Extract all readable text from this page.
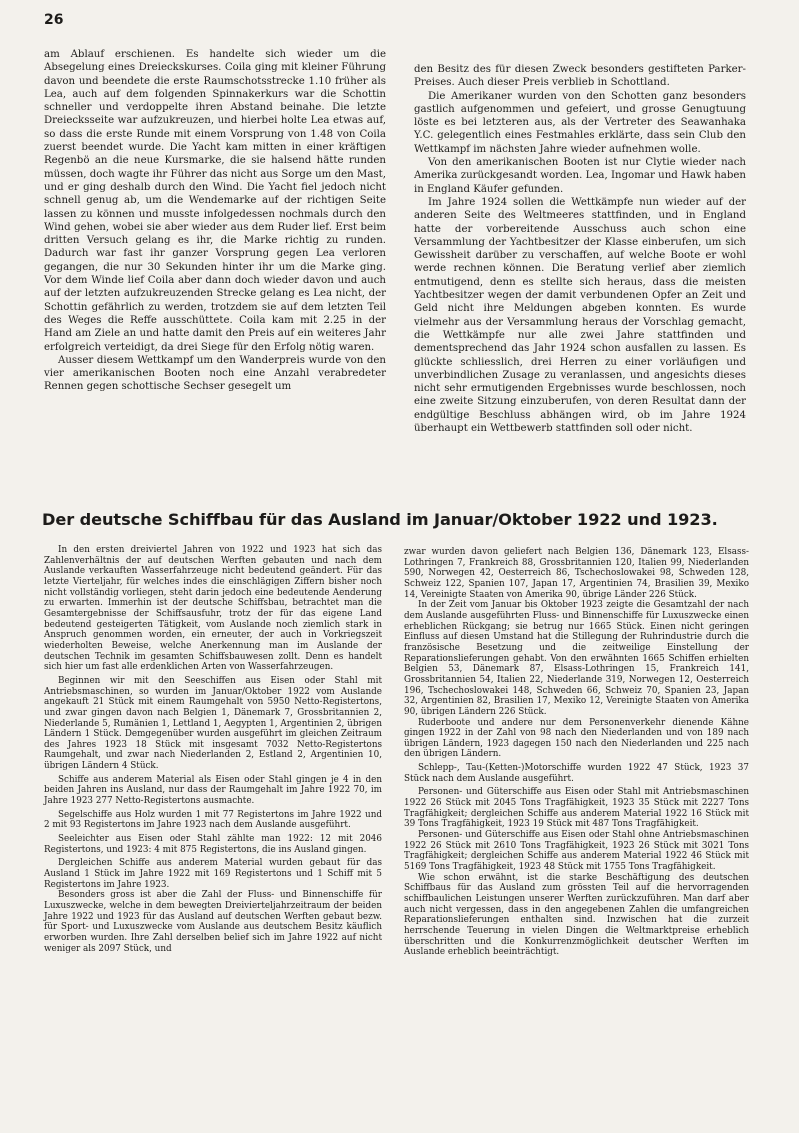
26

am Ablauf erschienen. Es handelte sich wieder um die Absegelung eines Dreieckskurses. Coila ging mit kleiner Führung davon und beendete die erste Raumschotsstrecke 1.10 früher als Lea, auch auf dem folgenden Spinnakerkurs war die Schottin schneller und verdoppelte ihren Abstand beinahe. Die letzte Dreiecksseite war aufzukreuzen, und hierbei holte Lea etwas auf, so dass die erste Runde mit einem Vorsprung von 1.48 von Coila zuerst beendet wurde. Die Yacht kam mitten in einer kräftigen Regenbö an die neue Kursmarke, die sie halsend hätte runden müssen, doch wagte ihr Führer das nicht aus Sorge um den Mast, und er ging deshalb durch den Wind. Die Yacht fiel jedoch nicht schnell genug ab, um die Wendemarke auf der richtigen Seite lassen zu können und musste infolgedessen nochmals durch den Wind gehen, wobei sie aber wieder aus dem Ruder lief. Erst beim dritten Versuch gelang es ihr, die Marke richtig zu runden. Dadurch war fast ihr ganzer Vorsprung gegen Lea verloren gegangen, die nur 30 Sekunden hinter ihr um die Marke ging. Vor dem Winde lief Coila aber dann doch wieder davon und auch auf der letzten aufzukreuzenden Strecke gelang es Lea nicht, der Schottin gefährlich zu werden, trotzdem sie auf dem letzten Teil des Weges die Reffe ausschüttete. Coila kam mit 2.25 in der Hand am Ziele an und hatte damit den Preis auf ein weiteres Jahr erfolgreich verteidigt, da drei Siege für den Erfolg nötig waren.

Ausser diesem Wettkampf um den Wanderpreis wurde von den vier amerikanischen Booten noch eine Anzahl verabredeter Rennen gegen schottische Sechser gesegelt um

den Besitz des für diesen Zweck besonders gestifteten Parker-Preises. Auch dieser Preis verblieb in Schottland.

Die Amerikaner wurden von den Schotten ganz besonders gastlich aufgenommen und gefeiert, und grosse Genugtuung löste es bei letzteren aus, als der Vertreter des Seawanhaka Y.C. gelegentlich eines Festmahles erklärte, dass sein Club den Wettkampf im nächsten Jahre wieder aufnehmen wolle.

Von den amerikanischen Booten ist nur Clytie wieder nach Amerika zurückgesandt worden. Lea, Ingomar und Hawk haben in England Käufer gefunden.

Im Jahre 1924 sollen die Wettkämpfe nun wieder auf der anderen Seite des Weltmeeres stattfinden, und in England hatte der vorbereitende Ausschuss auch schon eine Versammlung der Yachtbesitzer der Klasse einberufen, um sich Gewissheit darüber zu verschaffen, auf welche Boote er wohl werde rechnen können. Die Beratung verlief aber ziemlich entmutigend, denn es stellte sich heraus, dass die meisten Yachtbesitzer wegen der damit verbundenen Opfer an Zeit und Geld nicht ihre Meldungen abgeben konnten. Es wurde vielmehr aus der Versammlung heraus der Vorschlag gemacht, die Wettkämpfe nur alle zwei Jahre stattfinden und dementsprechend das Jahr 1924 schon ausfallen zu lassen. Es glückte schliesslich, drei Herren zu einer vorläufigen und unverbindlichen Zusage zu veranlassen, und angesichts dieses nicht sehr ermutigenden Ergebnisses wurde beschlossen, noch eine zweite Sitzung einzuberufen, von deren Resultat dann der endgültige Beschluss abhängen wird, ob im Jahre 1924 überhaupt ein Wettbewerb stattfinden soll oder nicht.

Der deutsche Schiffbau für das Ausland im Januar/Oktober 1922 und 1923.

In den ersten dreiviertel Jahren von 1922 und 1923 hat sich das Zahlenverhältnis der auf deutschen Werften gebauten und nach dem Auslande verkauften Wasserfahrzeuge nicht bedeutend geändert. Für das letzte Vierteljahr, für welches indes die einschlägigen Ziffern bisher noch nicht vollständig vorliegen, steht darin jedoch eine bedeutende Aenderung zu erwarten. Immerhin ist der deutsche Schiffsbau, betrachtet man die Gesamtergebnisse der Schiffsausfuhr, trotz der für das eigene Land bedeutend gesteigerten Tätigkeit, vom Auslande noch ziemlich stark in Anspruch genommen worden, ein erneuter, der auch in Vorkriegszeit wiederholten Beweise, welche Anerkennung man im Auslande der deutschen Technik im gesamten Schiffsbauwesen zollt. Denn es handelt sich hier um fast alle erdenklichen Arten von Wasserfahrzeugen.

Beginnen wir mit den Seeschiffen aus Eisen oder Stahl mit Antriebsmaschinen, so wurden im Januar/Oktober 1922 vom Auslande angekauft 21 Stück mit einem Raumgehalt von 5950 Netto-Registertons, und zwar gingen davon nach Belgien 1, Dänemark 7, Grossbritannien 2, Niederlande 5, Rumänien 1, Lettland 1, Aegypten 1, Argentinien 2, übrigen Ländern 1 Stück. Demgegenüber wurden ausgeführt im gleichen Zeitraum des Jahres 1923 18 Stück mit insgesamt 7032 Netto-Registertons Raumgehalt, und zwar nach Niederlanden 2, Estland 2, Argentinien 10, übrigen Ländern 4 Stück.

Schiffe aus anderem Material als Eisen oder Stahl gingen je 4 in den beiden Jahren ins Ausland, nur dass der Raumgehalt im Jahre 1922 70, im Jahre 1923 277 Netto-Registertons ausmachte.

Segelschiffe aus Holz wurden 1 mit 77 Registertons im Jahre 1922 und 2 mit 93 Registertons im Jahre 1923 nach dem Auslande ausgeführt.

Seeleichter aus Eisen oder Stahl zählte man 1922: 12 mit 2046 Registertons, und 1923: 4 mit 875 Registertons, die ins Ausland gingen.

Dergleichen Schiffe aus anderem Material wurden gebaut für das Ausland 1 Stück im Jahre 1922 mit 169 Registertons und 1 Schiff mit 5 Registertons im Jahre 1923.

Besonders gross ist aber die Zahl der Fluss- und Binnenschiffe für Luxuszwecke, welche in dem bewegten Dreivierteljahrzeitraum der beiden Jahre 1922 und 1923 für das Ausland auf deutschen Werften gebaut bezw. für Sport- und Luxuszwecke vom Auslande aus deutschem Besitz käuflich erworben wurden. Ihre Zahl derselben belief sich im Jahre 1922 auf nicht weniger als 2097 Stück, und

zwar wurden davon geliefert nach Belgien 136, Dänemark 123, Elsass-Lothringen 7, Frankreich 88, Grossbritannien 120, Italien 99, Niederlanden 590, Norwegen 42, Oesterreich 86, Tschechoslowakei 98, Schweden 128, Schweiz 122, Spanien 107, Japan 17, Argentinien 74, Brasilien 39, Mexiko 14, Vereinigte Staaten von Amerika 90, übrige Länder 226 Stück.

In der Zeit vom Januar bis Oktober 1923 zeigte die Gesamtzahl der nach dem Auslande ausgeführten Fluss- und Binnenschiffe für Luxuszwecke einen erheblichen Rückgang; sie betrug nur 1665 Stück. Einen nicht geringen Einfluss auf diesen Umstand hat die Stillegung der Ruhrindustrie durch die französische Besetzung und die zeitweilige Einstellung der Reparationslieferungen gehabt. Von den erwähnten 1665 Schiffen erhielten Belgien 53, Dänemark 87, Elsass-Lothringen 15, Frankreich 141, Grossbritannien 54, Italien 22, Niederlande 319, Norwegen 12, Oesterreich 196, Tschechoslowakei 148, Schweden 66, Schweiz 70, Spanien 23, Japan 32, Argentinien 82, Brasilien 17, Mexiko 12, Vereinigte Staaten von Amerika 90, übrigen Ländern 226 Stück.

Ruderboote und andere nur dem Personenverkehr dienende Kähne gingen 1922 in der Zahl von 98 nach den Niederlanden und von 189 nach übrigen Ländern, 1923 dagegen 150 nach den Niederlanden und 225 nach den übrigen Ländern.

Schlepp-, Tau-(Ketten-)Motorschiffe wurden 1922 47 Stück, 1923 37 Stück nach dem Auslande ausgeführt.

Personen- und Güterschiffe aus Eisen oder Stahl mit Antriebsmaschinen 1922 26 Stück mit 2045 Tons Tragfähigkeit, 1923 35 Stück mit 2227 Tons Tragfähigkeit; dergleichen Schiffe aus anderem Material 1922 16 Stück mit 39 Tons Tragfähigkeit, 1923 19 Stück mit 487 Tons Tragfähigkeit.

Personen- und Güterschiffe aus Eisen oder Stahl ohne Antriebsmaschinen 1922 26 Stück mit 2610 Tons Tragfähigkeit, 1923 26 Stück mit 3021 Tons Tragfähigkeit; dergleichen Schiffe aus anderem Material 1922 46 Stück mit 5169 Tons Tragfähigkeit, 1923 48 Stück mit 1755 Tons Tragfähigkeit.

Wie schon erwähnt, ist die starke Beschäftigung des deutschen Schiffbaus für das Ausland zum grössten Teil auf die hervorragenden schiffbaulichen Leistungen unserer Werften zurückzuführen. Man darf aber auch nicht vergessen, dass in den angegebenen Zahlen die umfangreichen Reparationslieferungen enthalten sind. Inzwischen hat die zurzeit herrschende Teuerung in vielen Dingen die Weltmarktpreise erheblich überschritten und die Konkurrenzmöglichkeit deutscher Werften im Auslande erheblich beeinträchtigt.
